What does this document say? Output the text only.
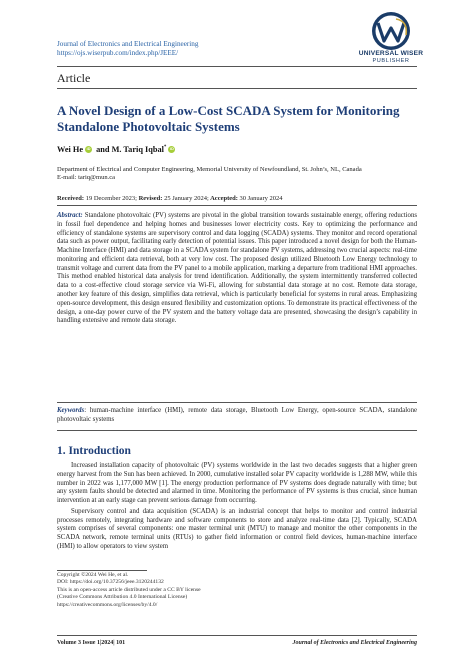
Journal of Electronics and Electrical Engineering
https://ojs.wiserpub.com/index.php/JEEE/	UNIVERSAL WISER
PUBLISHER
Article
A Novel Design of a Low-Cost SCADA System for Monitoring Standalone Photovoltaic Systems
Wei HeiD and M. Tariq Iqbal*iD
Department of Electrical and Computer Engineering, Memorial University of Newfoundland, St. John’s, NL, Canada
E-mail: tariq@mun.ca
Received: 19 December 2023; Revised: 25 January 2024; Accepted: 30 January 2024
Abstract: Standalone photovoltaic (PV) systems are pivotal in the global transition towards sustainable energy, offering reductions in fossil fuel dependence and helping homes and businesses lower electricity costs. Key to optimizing the performance and efficiency of standalone systems are supervisory control and data logging (SCADA) systems. They monitor and record operational data such as power output, facilitating early detection of potential issues. This paper introduced a novel design for both the Human-Machine Interface (HMI) and data storage in a SCADA system for standalone PV systems, addressing two crucial aspects: real-time monitoring and efficient data retrieval, both at very low cost. The proposed design utilized Bluetooth Low Energy technology to transmit voltage and current data from the PV panel to a mobile application, marking a departure from traditional HMI approaches. This method enabled historical data analysis for trend identification. Additionally, the system intermittently transferred collected data to a cost-effective cloud storage service via Wi-Fi, allowing for substantial data storage at no cost. Remote data storage, another key feature of this design, simplifies data retrieval, which is particularly beneficial for systems in rural areas. Emphasizing open-source development, this design ensured flexibility and customization options. To demonstrate its practical effectiveness of the design, a one-day power curve of the PV system and the battery voltage data are presented, showcasing the design’s capability in handling extensive and remote data storage.
Keywords: human-machine interface (HMI), remote data storage, Bluetooth Low Energy, open-source SCADA, standalone photovoltaic systems
1. Introduction

Increased installation capacity of photovoltaic (PV) systems worldwide in the last two decades suggests that a higher green energy harvest from the Sun has been achieved. In 2000, cumulative installed solar PV capacity worldwide is 1,288 MW, while this number in 2022 was 1,177,000 MW [1]. The energy production performance of PV systems does degrade naturally with time; but any system faults should be detected and alarmed in time. Monitoring the performance of PV systems is thus crucial, since human intervention at an early stage can prevent serious damage from occurring.

Supervisory control and data acquisition (SCADA) is an industrial concept that helps to monitor and control industrial processes remotely, integrating hardware and software components to store and analyze real-time data [2]. Typically, SCADA system comprises of several components: one master terminal unit (MTU) to manage and monitor the other components in the SCADA network, remote terminal units (RTUs) to gather field information or control field devices, human-machine interface (HMI) to allow operators to view system

Copyright ©2024 Wei He, et al.
DOI: https://doi.org/10.37256/jeee.3120244132
This is an open-access article distributed under a CC BY license
(Creative Commons Attribution 4.0 International License)
https://creativecommons.org/licenses/by/4.0/
Volume 3 Issue 1|2024| 101	Journal of Electronics and Electrical Engineering
